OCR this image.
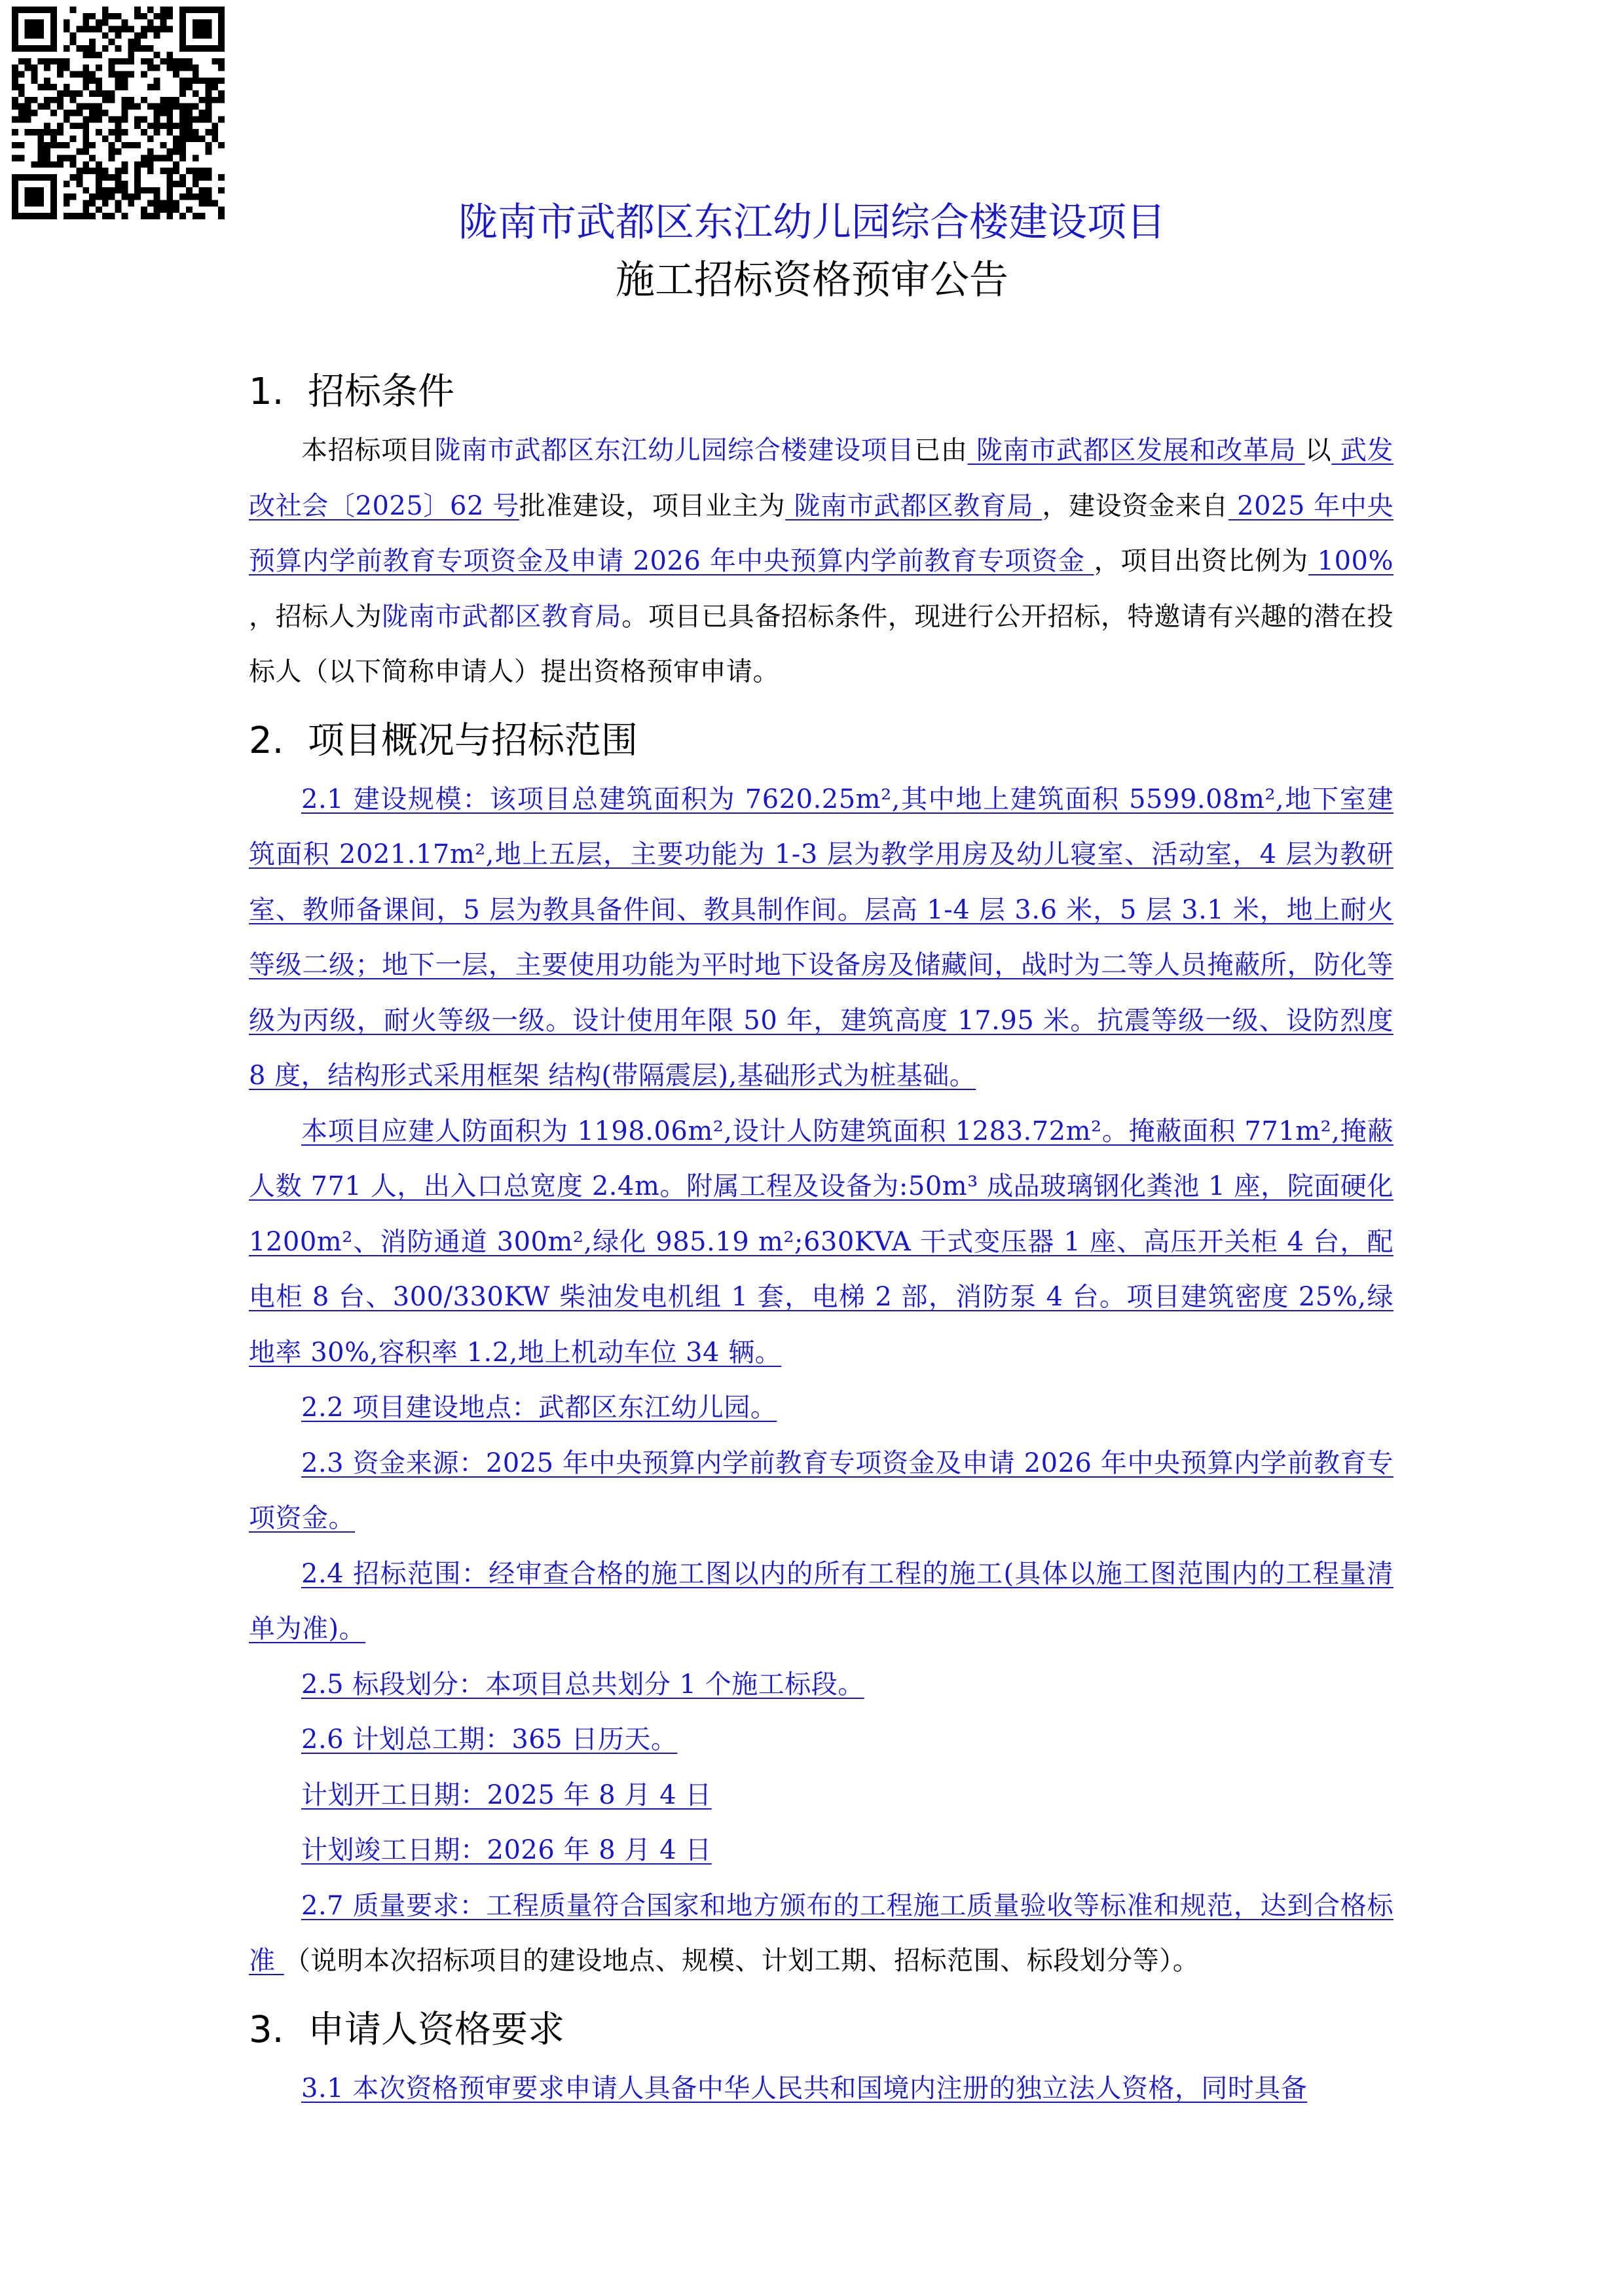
陇南市武都区东江幼儿园综合楼建设项目
施工招标资格预审公告
1. 招标条件

本招标项目陇南市武都区东江幼儿园综合楼建设项目已由 陇南市武都区发展和改革局 以 武发改社会〔2025〕62 号批准建设，项目业主为 陇南市武都区教育局 ，建设资金来自 2025 年中央预算内学前教育专项资金及申请 2026 年中央预算内学前教育专项资金 ，项目出资比例为 100% ，招标人为陇南市武都区教育局。项目已具备招标条件，现进行公开招标，特邀请有兴趣的潜在投标人（以下简称申请人）提出资格预审申请。

2. 项目概况与招标范围

2.1 建设规模：该项目总建筑面积为 7620.25m²,其中地上建筑面积 5599.08m²,地下室建筑面积 2021.17m²,地上五层，主要功能为 1-3 层为教学用房及幼儿寝室、活动室，4 层为教研室、教师备课间，5 层为教具备件间、教具制作间。层高 1-4 层 3.6 米，5 层 3.1 米，地上耐火等级二级；地下一层，主要使用功能为平时地下设备房及储藏间，战时为二等人员掩蔽所，防化等级为丙级，耐火等级一级。设计使用年限 50 年，建筑高度 17.95 米。抗震等级一级、设防烈度 8 度，结构形式采用框架 结构(带隔震层),基础形式为桩基础。

本项目应建人防面积为 1198.06m²,设计人防建筑面积 1283.72m²。掩蔽面积 771m²,掩蔽人数 771 人，出入口总宽度 2.4m。附属工程及设备为:50m³ 成品玻璃钢化粪池 1 座，院面硬化 1200m²、消防通道 300m²,绿化 985.19 m²;630KVA 干式变压器 1 座、高压开关柜 4 台，配电柜 8 台、300/330KW 柴油发电机组 1 套，电梯 2 部，消防泵 4 台。项目建筑密度 25%,绿地率 30%,容积率 1.2,地上机动车位 34 辆。

2.2 项目建设地点：武都区东江幼儿园。

2.3 资金来源：2025 年中央预算内学前教育专项资金及申请 2026 年中央预算内学前教育专项资金。

2.4 招标范围：经审查合格的施工图以内的所有工程的施工(具体以施工图范围内的工程量清单为准)。

2.5 标段划分：本项目总共划分 1 个施工标段。

2.6 计划总工期：365 日历天。

计划开工日期：2025 年 8 月 4 日

计划竣工日期：2026 年 8 月 4 日

2.7 质量要求：工程质量符合国家和地方颁布的工程施工质量验收等标准和规范，达到合格标准 （说明本次招标项目的建设地点、规模、计划工期、招标范围、标段划分等）。

3. 申请人资格要求

3.1 本次资格预审要求申请人具备中华人民共和国境内注册的独立法人资格，同时具备
